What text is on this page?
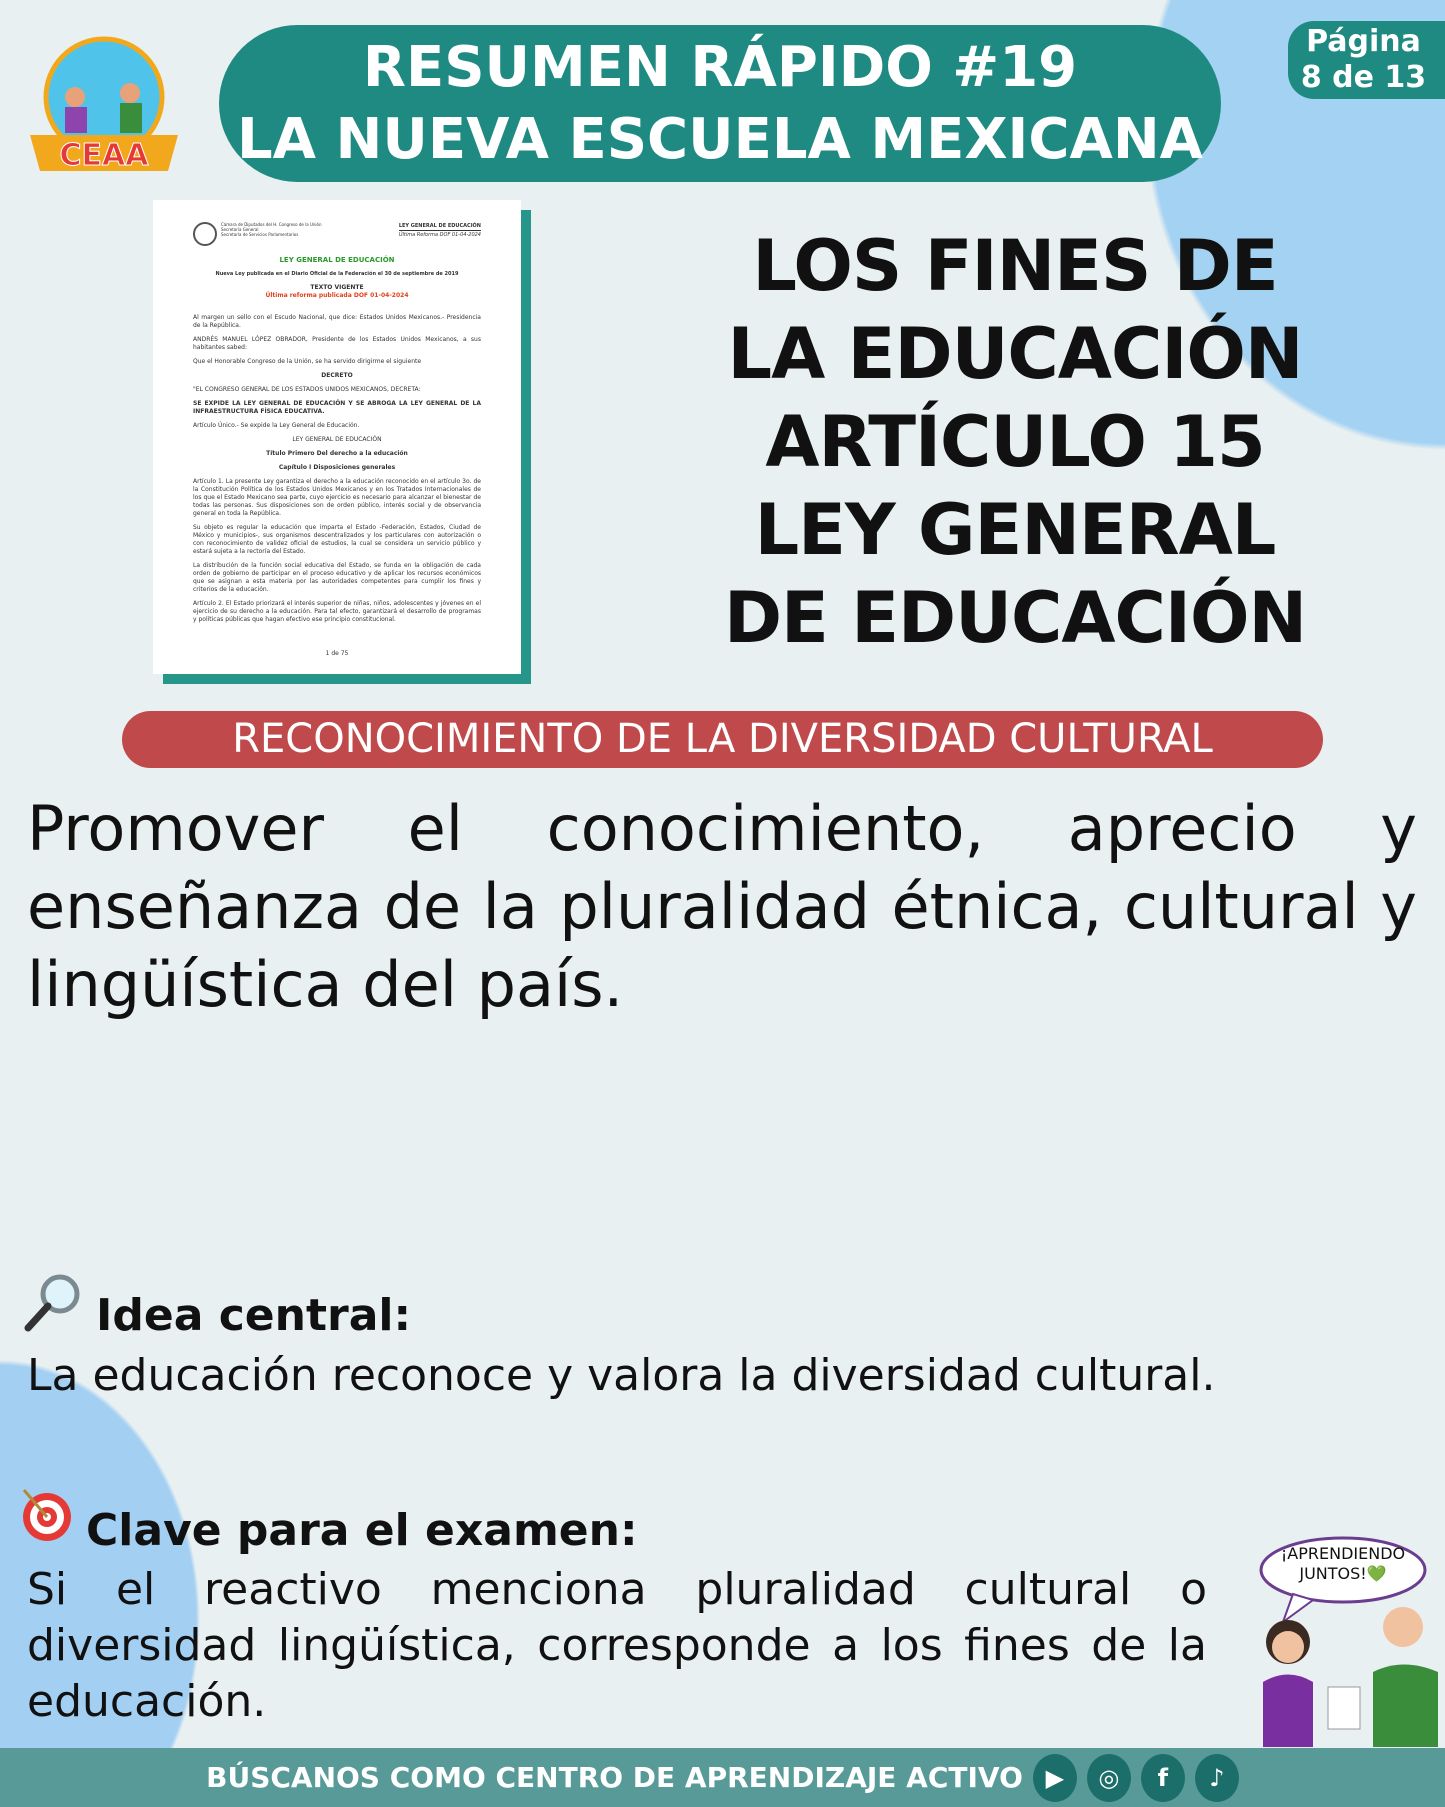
CEAA
RESUMEN RÁPIDO #19
LA NUEVA ESCUELA MEXICANA
Página
8 de 13
Cámara de Diputados del H. Congreso de la Unión
Secretaría General
Secretaría de Servicios Parlamentarios
LEY GENERAL DE EDUCACIÓN
Última Reforma DOF 01-04-2024
LEY GENERAL DE EDUCACIÓN
Nueva Ley publicada en el Diario Oficial de la Federación el 30 de septiembre de 2019
TEXTO VIGENTE
Última reforma publicada DOF 01-04-2024

Al margen un sello con el Escudo Nacional, que dice: Estados Unidos Mexicanos.- Presidencia de la República.

ANDRÉS MANUEL LÓPEZ OBRADOR, Presidente de los Estados Unidos Mexicanos, a sus habitantes sabed:

Que el Honorable Congreso de la Unión, se ha servido dirigirme el siguiente

DECRETO

"EL CONGRESO GENERAL DE LOS ESTADOS UNIDOS MEXICANOS, DECRETA:

SE EXPIDE LA LEY GENERAL DE EDUCACIÓN Y SE ABROGA LA LEY GENERAL DE LA INFRAESTRUCTURA FÍSICA EDUCATIVA.

Artículo Único.- Se expide la Ley General de Educación.

LEY GENERAL DE EDUCACIÓN

Título Primero Del derecho a la educación

Capítulo I Disposiciones generales

Artículo 1. La presente Ley garantiza el derecho a la educación reconocido en el artículo 3o. de la Constitución Política de los Estados Unidos Mexicanos y en los Tratados Internacionales de los que el Estado Mexicano sea parte, cuyo ejercicio es necesario para alcanzar el bienestar de todas las personas. Sus disposiciones son de orden público, interés social y de observancia general en toda la República.

Su objeto es regular la educación que imparta el Estado -Federación, Estados, Ciudad de México y municipios-, sus organismos descentralizados y los particulares con autorización o con reconocimiento de validez oficial de estudios, la cual se considera un servicio público y estará sujeta a la rectoría del Estado.

La distribución de la función social educativa del Estado, se funda en la obligación de cada orden de gobierno de participar en el proceso educativo y de aplicar los recursos económicos que se asignan a esta materia por las autoridades competentes para cumplir los fines y criterios de la educación.

Artículo 2. El Estado priorizará el interés superior de niñas, niños, adolescentes y jóvenes en el ejercicio de su derecho a la educación. Para tal efecto, garantizará el desarrollo de programas y políticas públicas que hagan efectivo ese principio constitucional.

1 de 75
LOS FINES DE
LA EDUCACIÓN
ARTÍCULO 15
LEY GENERAL
DE EDUCACIÓN
RECONOCIMIENTO DE LA DIVERSIDAD CULTURAL
Promover el conocimiento, aprecio y enseñanza de la pluralidad étnica, cultural y lingüística del país.
Idea central:
La educación reconoce y valora la diversidad cultural.
Clave para el examen:
Si el reactivo menciona pluralidad cultural o diversidad lingüística, corresponde a los fines de la educación.
¡APRENDIENDO
JUNTOS!💚
BÚSCANOS COMO CENTRO DE APRENDIZAJE ACTIVO ▶	◎	f	♪
